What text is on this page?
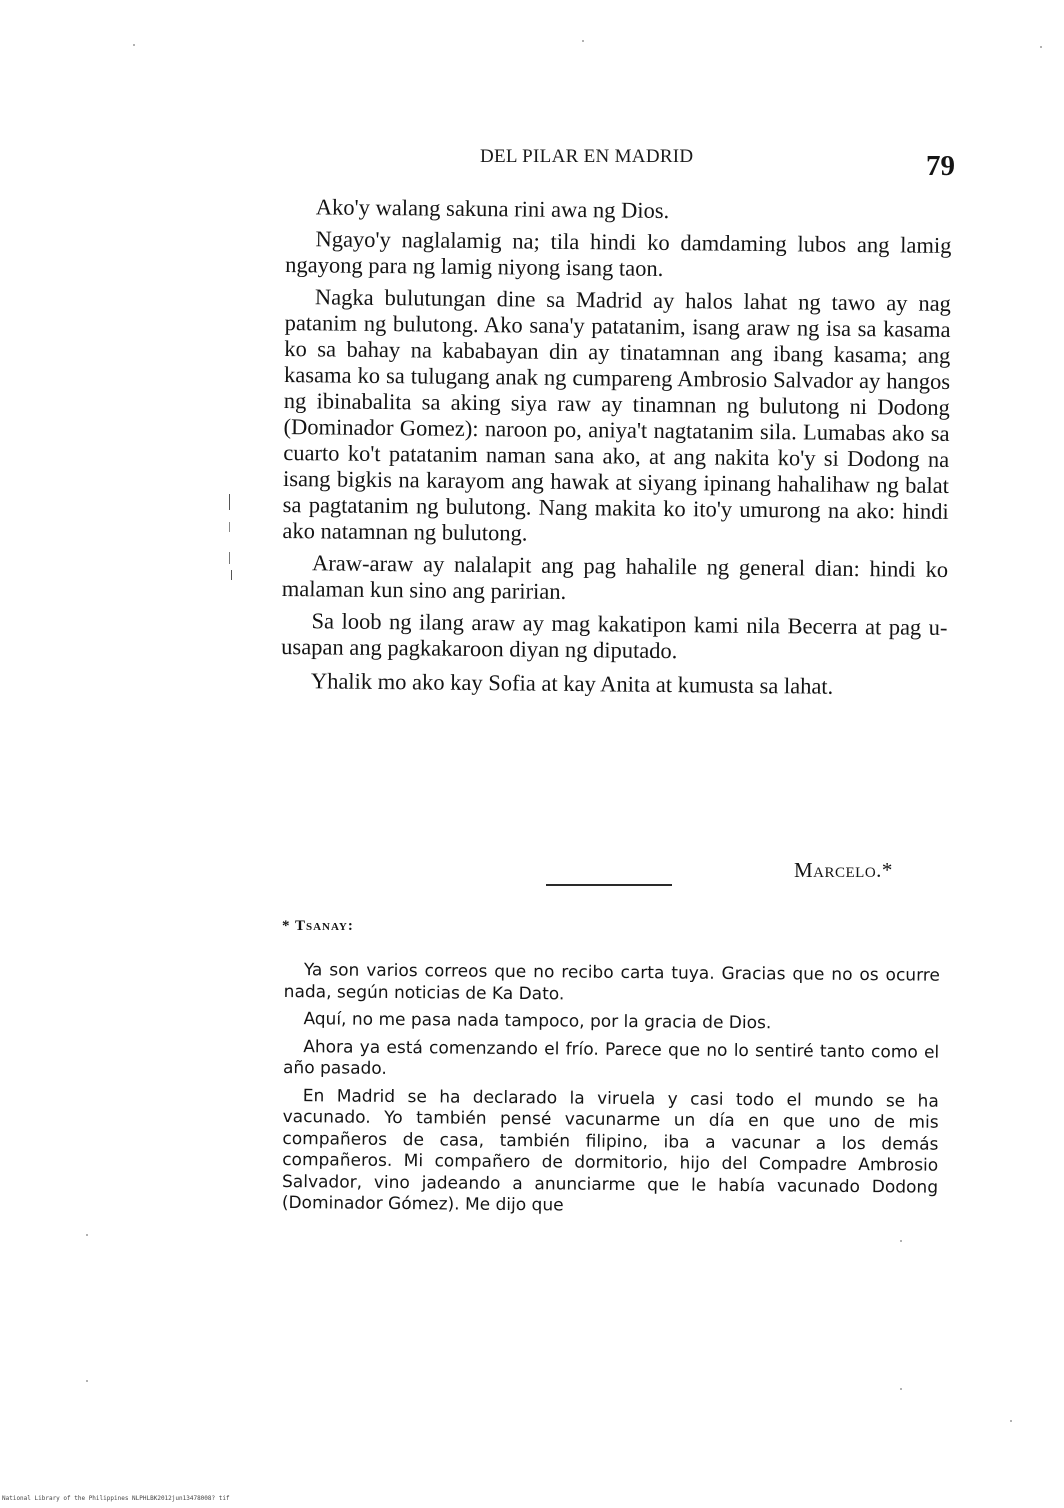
DEL PILAR EN MADRID	79

Ako'y walang sakuna rini awa ng Dios.

Ngayo'y naglalamig na; tila hindi ko damdaming lubos ang lamig ngayong para ng lamig niyong isang taon.

Nagka bulutungan dine sa Madrid ay halos lahat ng tawo ay nag patanim ng bulutong. Ako sana'y patatanim, isang araw ng isa sa kasama ko sa bahay na kababayan din ay tinatamnan ang ibang kasama; ang kasama ko sa tulugang anak ng cumpareng Ambrosio Salvador ay hangos ng ibinabalita sa aking siya raw ay tinamnan ng bulutong ni Dodong (Dominador Gomez): naroon po, aniya't nagtatanim sila. Lumabas ako sa cuarto ko't patatanim naman sana ako, at ang nakita ko'y si Dodong na isang bigkis na karayom ang hawak at siyang ipinang hahalihaw ng balat sa pagtatanim ng bulutong. Nang makita ko ito'y umurong na ako: hindi ako natamnan ng bulutong.

Araw-araw ay nalalapit ang pag hahalile ng general dian: hindi ko malaman kun sino ang paririan.

Sa loob ng ilang araw ay mag kakatipon kami nila Becerra at pag u-usapan ang pagkakaroon diyan ng diputado.

Yhalik mo ako kay Sofia at kay Anita at kumusta sa lahat.

Marcelo.*
* Tsanay:

Ya son varios correos que no recibo carta tuya. Gracias que no os ocurre nada, según noticias de Ka Dato.

Aquí, no me pasa nada tampoco, por la gracia de Dios.

Ahora ya está comenzando el frío. Parece que no lo sentiré tanto como el año pasado.

En Madrid se ha declarado la viruela y casi todo el mundo se ha vacunado. Yo también pensé vacunarme un día en que uno de mis compañeros de casa, también filipino, iba a vacunar a los demás compañeros. Mi compañero de dormitorio, hijo del Compadre Ambrosio Salvador, vino jadeando a anunciarme que le había vacunado Dodong (Dominador Gómez). Me dijo que

National Library of the Philippines NLPHLBK2012jun13478008? tif
